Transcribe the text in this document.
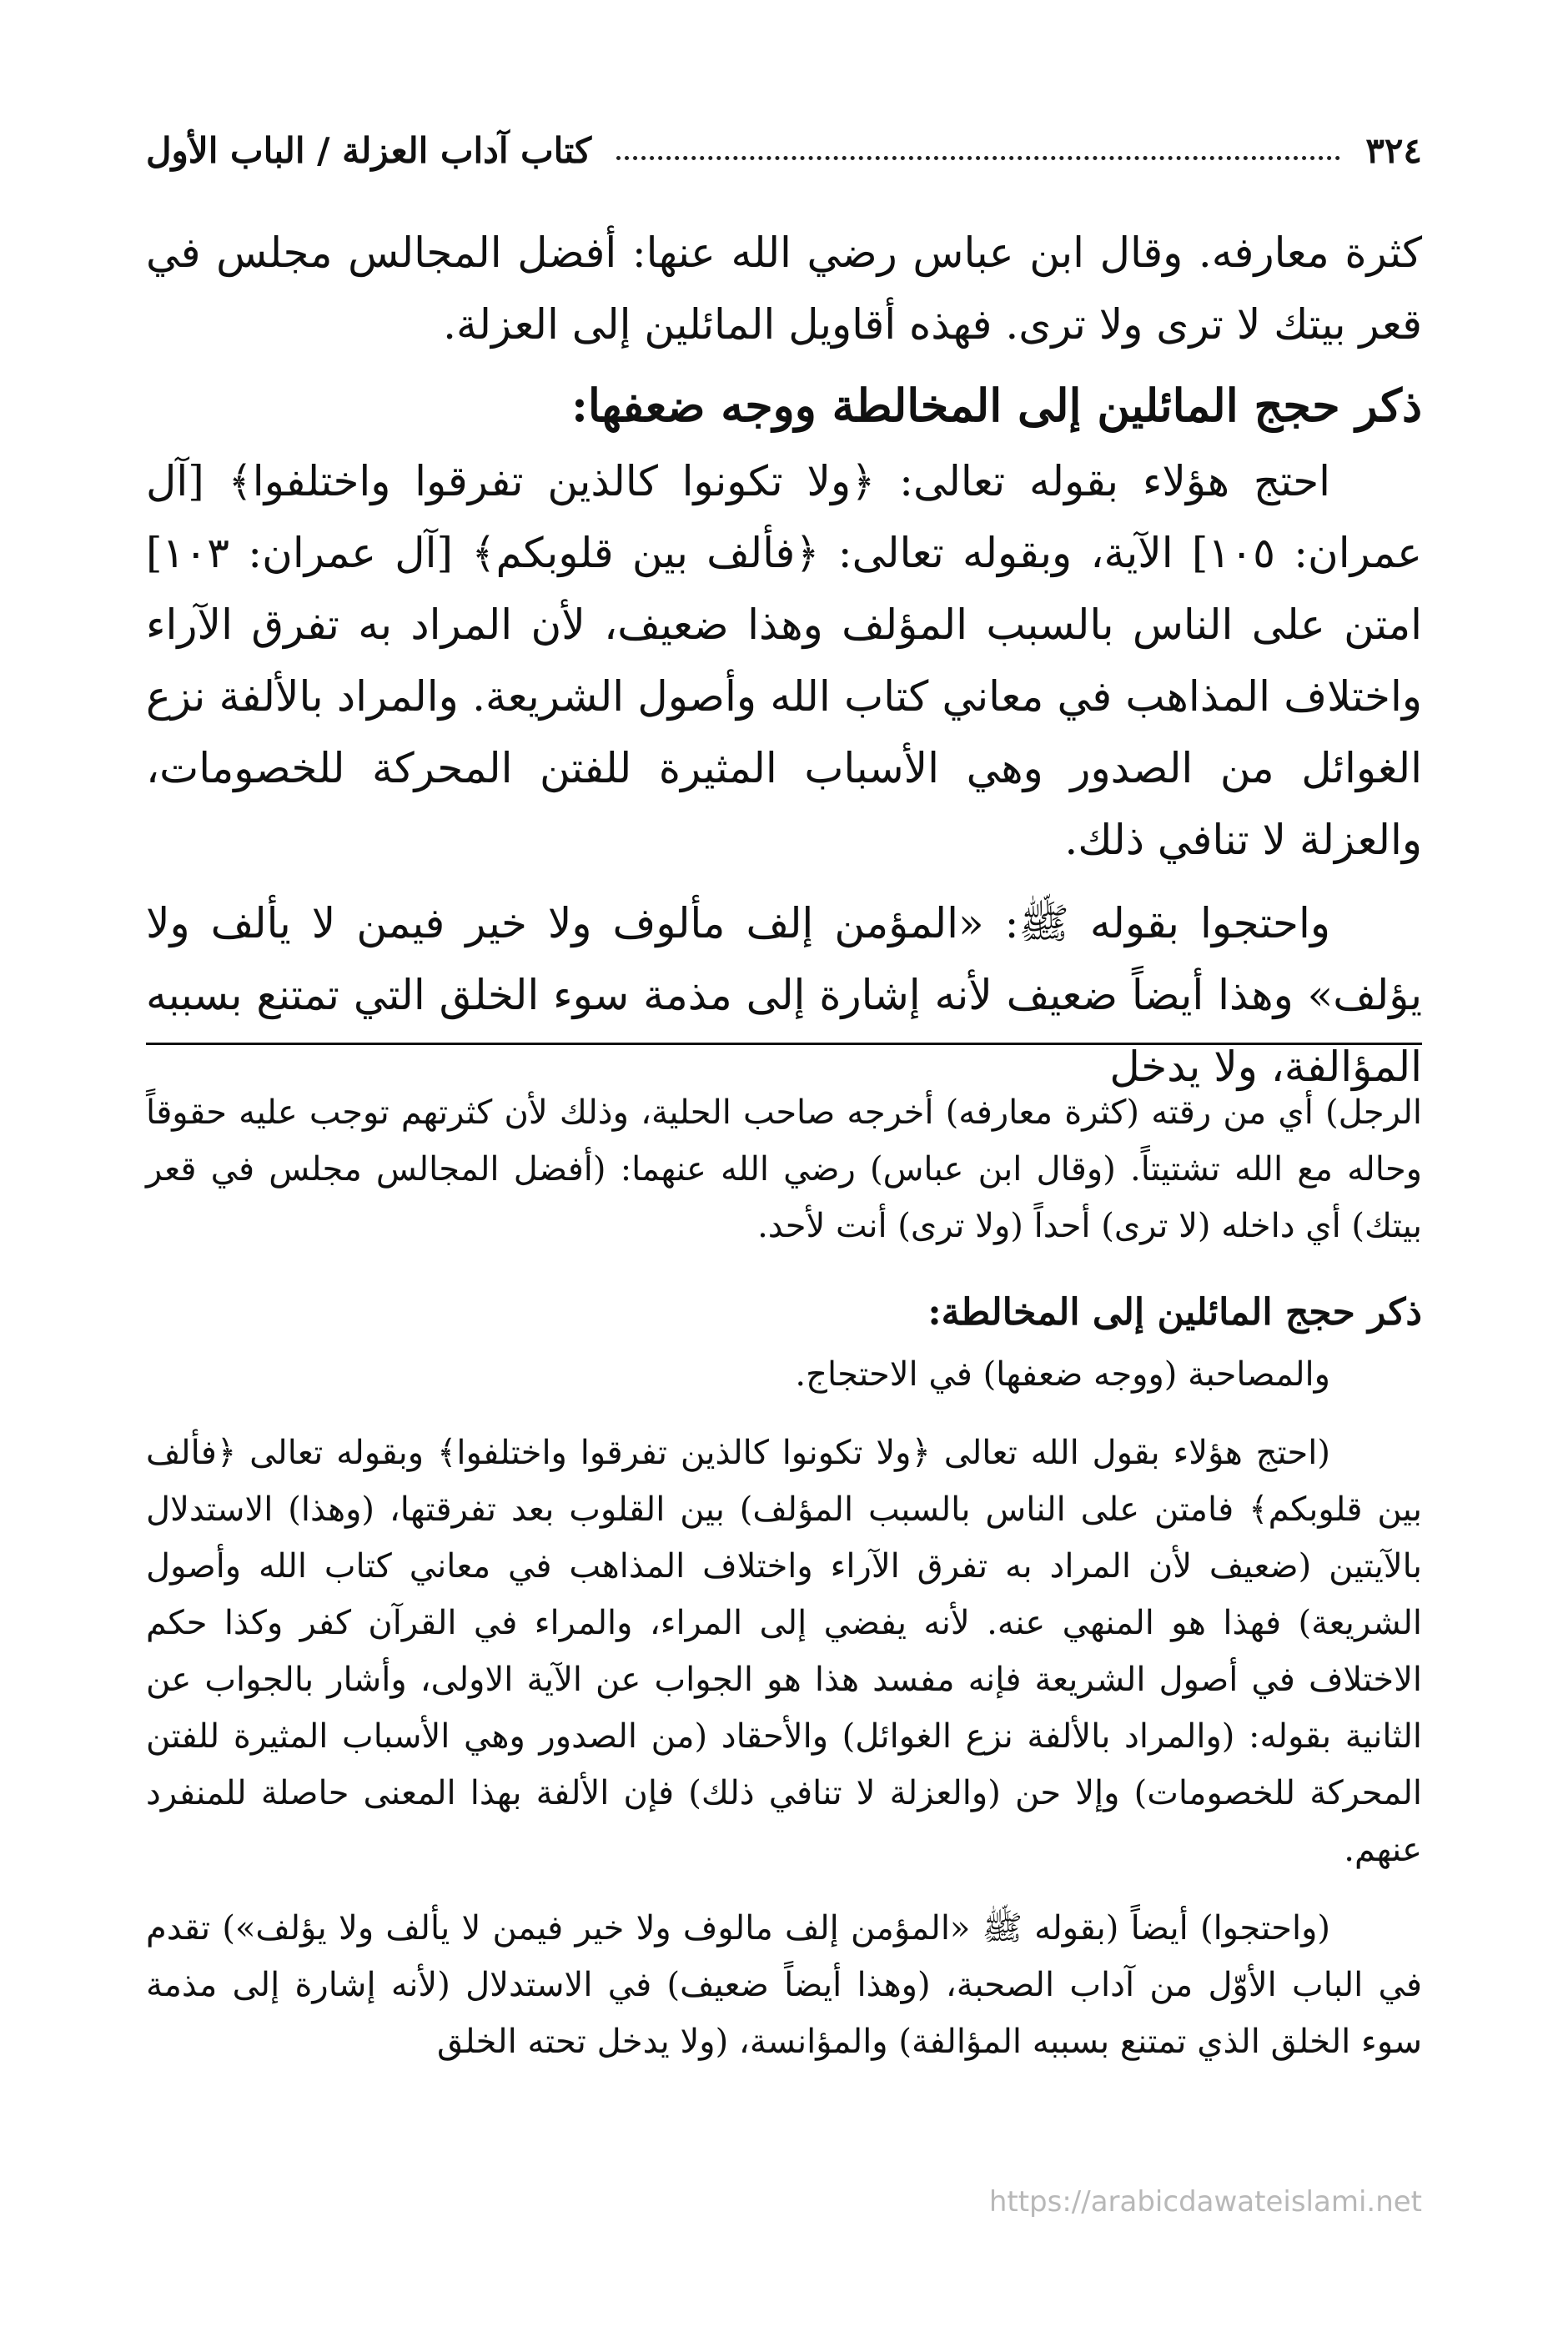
٣٢٤
كتاب آداب العزلة / الباب الأول

كثرة معارفه. وقال ابن عباس رضي الله عنها: أفضل المجالس مجلس في قعر بيتك لا ترى ولا ترى. فهذه أقاويل المائلين إلى العزلة.

ذكر حجج المائلين إلى المخالطة ووجه ضعفها:

احتج هؤلاء بقوله تعالى: ﴿ولا تكونوا كالذين تفرقوا واختلفوا﴾ [آل عمران: ١٠٥] الآية، وبقوله تعالى: ﴿فألف بين قلوبكم﴾ [آل عمران: ١٠٣] امتن على الناس بالسبب المؤلف وهذا ضعيف، لأن المراد به تفرق الآراء واختلاف المذاهب في معاني كتاب الله وأصول الشريعة. والمراد بالألفة نزع الغوائل من الصدور وهي الأسباب المثيرة للفتن المحركة للخصومات، والعزلة لا تنافي ذلك.

واحتجوا بقوله ﷺ: «المؤمن إلف مألوف ولا خير فيمن لا يألف ولا يؤلف» وهذا أيضاً ضعيف لأنه إشارة إلى مذمة سوء الخلق التي تمتنع بسببه المؤالفة، ولا يدخل

الرجل) أي من رقته (كثرة معارفه) أخرجه صاحب الحلية، وذلك لأن كثرتهم توجب عليه حقوقاً وحاله مع الله تشتيتاً. (وقال ابن عباس) رضي الله عنهما: (أفضل المجالس مجلس في قعر بيتك) أي داخله (لا ترى) أحداً (ولا ترى) أنت لأحد.

ذكر حجج المائلين إلى المخالطة:

والمصاحبة (ووجه ضعفها) في الاحتجاج.

(احتج هؤلاء بقول الله تعالى ﴿ولا تكونوا كالذين تفرقوا واختلفوا﴾ وبقوله تعالى ﴿فألف بين قلوبكم﴾ فامتن على الناس بالسبب المؤلف) بين القلوب بعد تفرقتها، (وهذا) الاستدلال بالآيتين (ضعيف لأن المراد به تفرق الآراء واختلاف المذاهب في معاني كتاب الله وأصول الشريعة) فهذا هو المنهي عنه. لأنه يفضي إلى المراء، والمراء في القرآن كفر وكذا حكم الاختلاف في أصول الشريعة فإنه مفسد هذا هو الجواب عن الآية الاولى، وأشار بالجواب عن الثانية بقوله: (والمراد بالألفة نزع الغوائل) والأحقاد (من الصدور وهي الأسباب المثيرة للفتن المحركة للخصومات) وإلا حن (والعزلة لا تنافي ذلك) فإن الألفة بهذا المعنى حاصلة للمنفرد عنهم.

(واحتجوا) أيضاً (بقوله ﷺ «المؤمن إلف مالوف ولا خير فيمن لا يألف ولا يؤلف») تقدم في الباب الأوّل من آداب الصحبة، (وهذا أيضاً ضعيف) في الاستدلال (لأنه إشارة إلى مذمة سوء الخلق الذي تمتنع بسببه المؤالفة) والمؤانسة، (ولا يدخل تحته الخلق

https://arabicdawateislami.net
